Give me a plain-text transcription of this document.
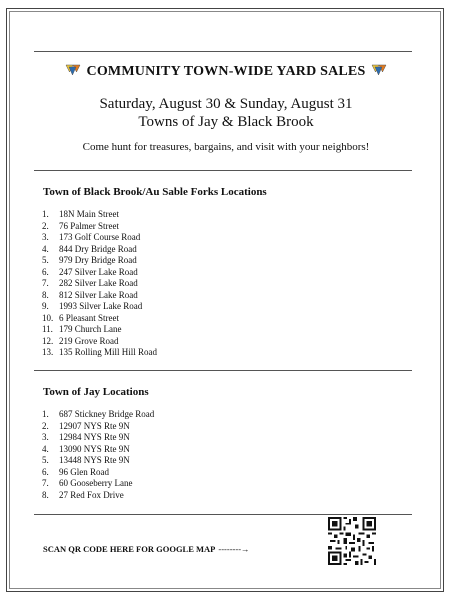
COMMUNITY TOWN-WIDE YARD SALES
Saturday, August 30 & Sunday, August 31
Towns of Jay & Black Brook
Come hunt for treasures, bargains, and visit with your neighbors!
Town of Black Brook/Au Sable Forks Locations
1. 18N Main Street
2. 76 Palmer Street
3. 173 Golf Course Road
4. 844 Dry Bridge Road
5. 979 Dry Bridge Road
6. 247 Silver Lake Road
7. 282 Silver Lake Road
8. 812 Silver Lake Road
9. 1993 Silver Lake Road
10. 6 Pleasant Street
11. 179 Church Lane
12. 219 Grove Road
13. 135 Rolling Mill Hill Road
Town of Jay Locations
1. 687 Stickney Bridge Road
2. 12907 NYS Rte 9N
3. 12984 NYS Rte 9N
4. 13090 NYS Rte 9N
5. 13448 NYS Rte 9N
6. 96 Glen Road
7. 60 Gooseberry Lane
8. 27 Red Fox Drive
SCAN QR CODE HERE FOR GOOGLE MAP --------→
